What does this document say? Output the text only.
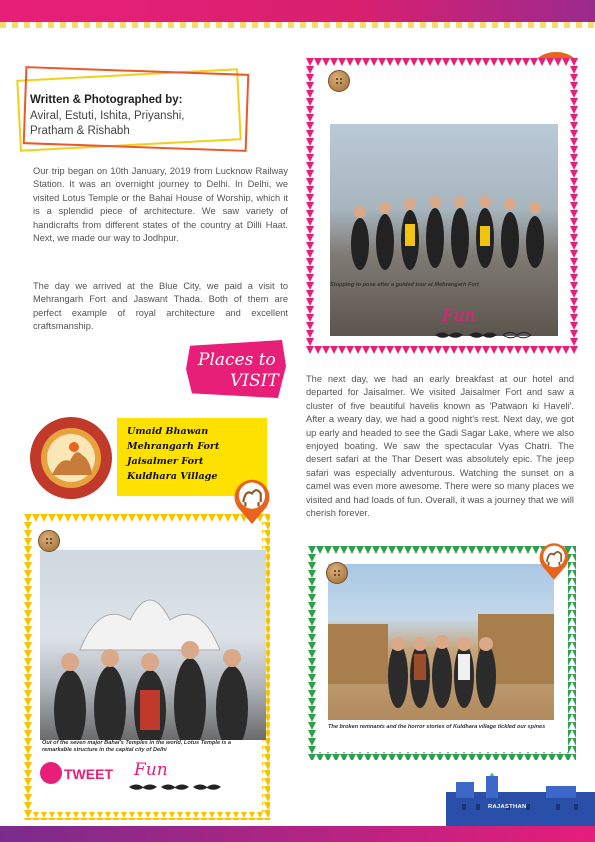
Written & Photographed by:
Aviral, Estuti, Ishita, Priyanshi, Pratham & Rishabh

Our trip began on 10th January, 2019 from Lucknow Railway Station. It was an overnight journey to Delhi. In Delhi, we visited Lotus Temple or the Bahai House of Worship, which it is a splendid piece of architecture. We saw variety of handicrafts from different states of the country at Dilli Haat. Next, we made our way to Jodhpur.

The day we arrived at the Blue City, we paid a visit to Mehrangarh Fort and Jaswant Thada. Both of them are perfect example of royal architecture and excellent craftsmanship.

The next day, we had an early breakfast at our hotel and departed for Jaisalmer. We visited Jaisalmer Fort and saw a cluster of five beautiful havelis known as 'Patwaon ki Haveli'. After a weary day, we had a good night's rest. Next day, we got up early and headed to see the Gadi Sagar Lake, where we also enjoyed boating. We saw the spectacular Vyas Chatri. The desert safari at the Thar Desert was absolutely epic. The jeep safari was especially adventurous. Watching the sunset on a camel was even more awesome. There were so many places we visited and had loads of fun. Overall, it was a journey that we will cherish forever.

Stopping to pose after a guided tour at Mehrangarh Fort
Fun
Places to
VISIT
Umaid Bhawan
Mehrangarh Fort
Jaisalmer Fort
Kuldhara Village
Out of the seven major Bahai's Temples in the world, Lotus Temple is a remarkable structure in the capital city of Delhi
Fun
TWEET
The broken remnants and the horror stories of Kuldhara village tickled our spines
RAJASTHAN
